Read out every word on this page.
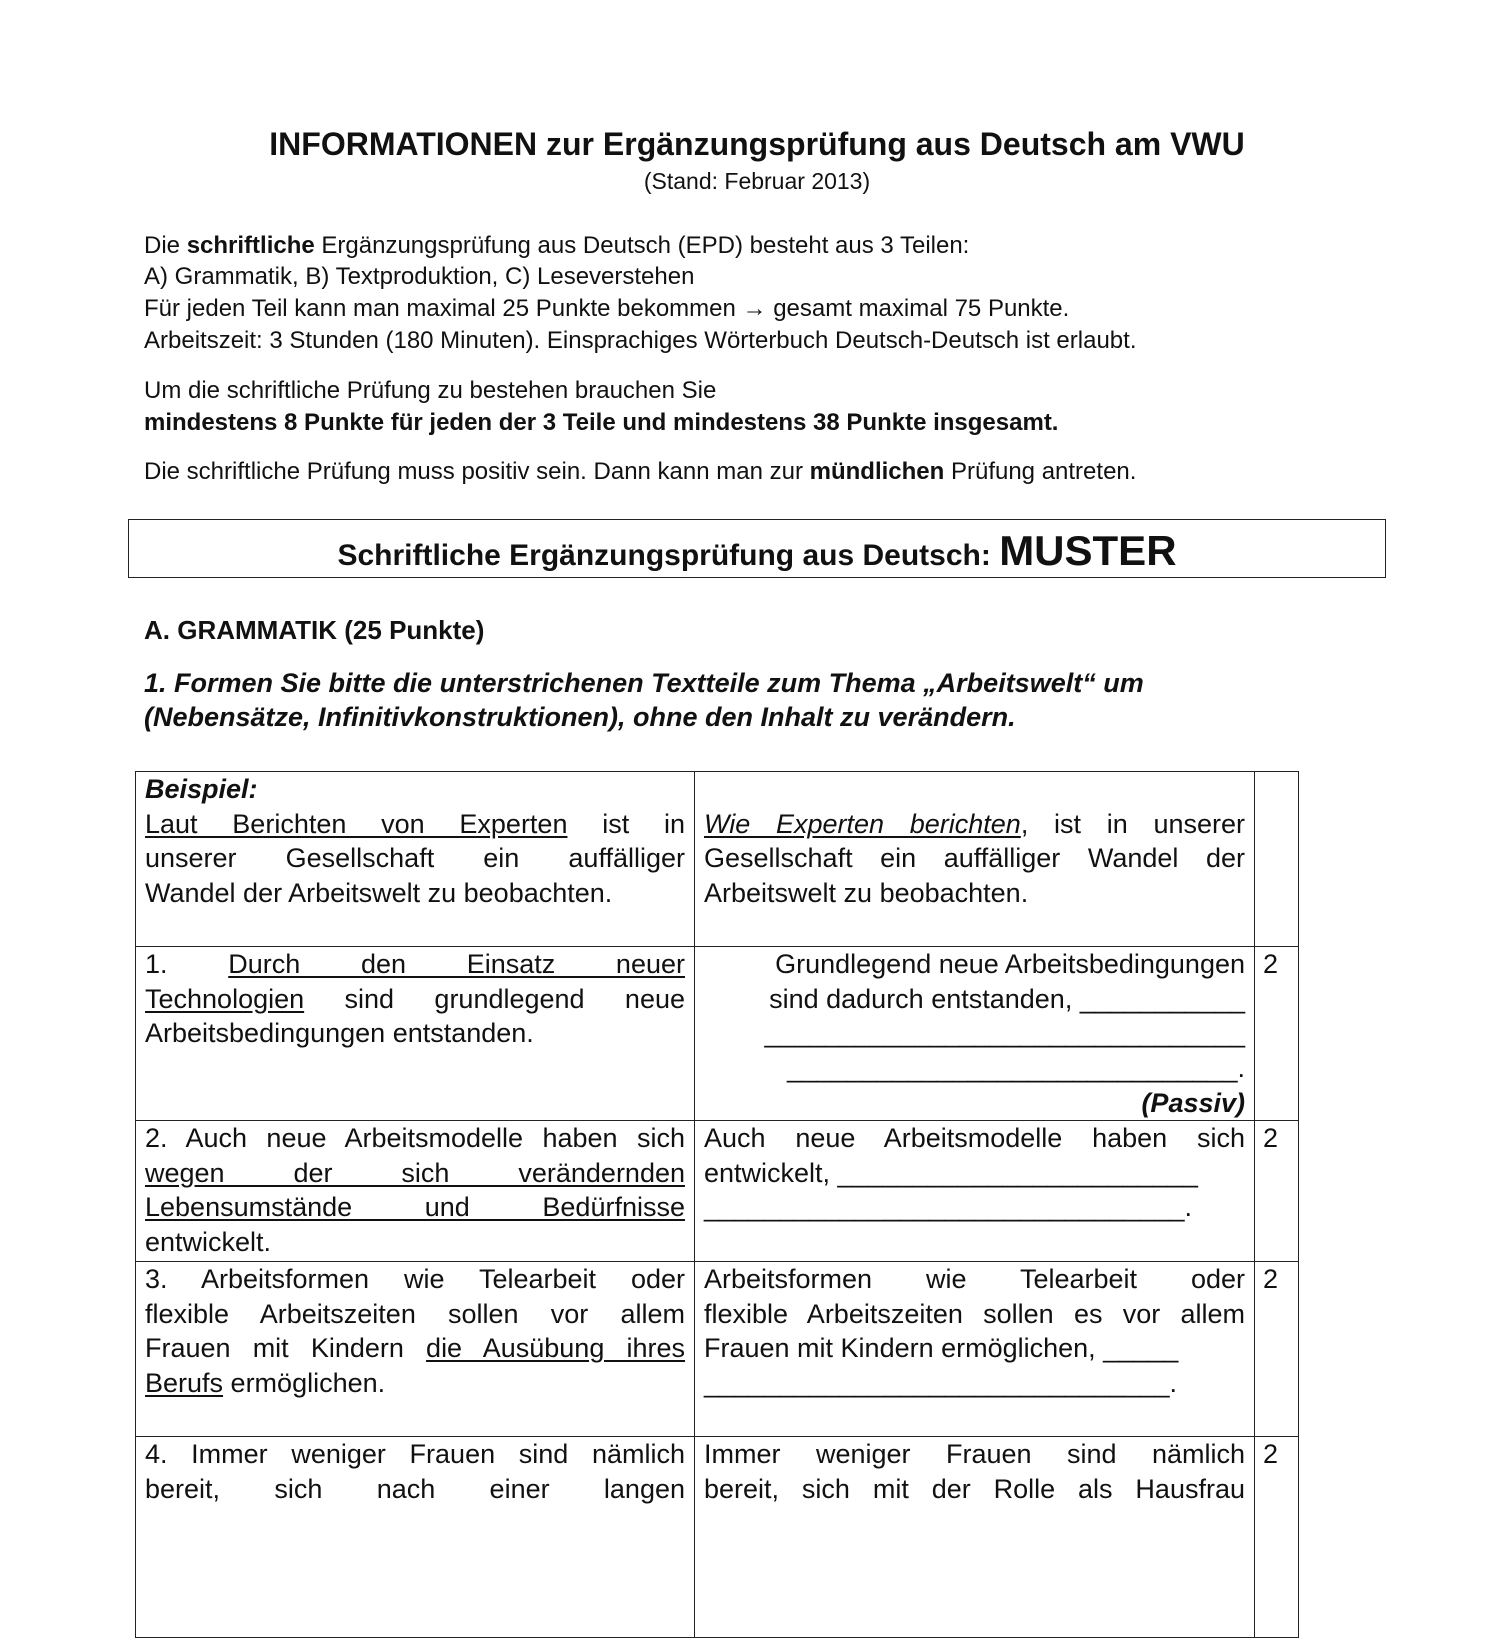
INFORMATIONEN zur Ergänzungsprüfung aus Deutsch am VWU
(Stand: Februar 2013)
Die schriftliche Ergänzungsprüfung aus Deutsch (EPD) besteht aus 3 Teilen:
A) Grammatik, B) Textproduktion, C) Leseverstehen
Für jeden Teil kann man maximal 25 Punkte bekommen → gesamt maximal 75 Punkte.
Arbeitszeit: 3 Stunden (180 Minuten). Einsprachiges Wörterbuch Deutsch-Deutsch ist erlaubt.
Um die schriftliche Prüfung zu bestehen brauchen Sie
mindestens 8 Punkte für jeden der 3 Teile und mindestens 38 Punkte insgesamt.
Die schriftliche Prüfung muss positiv sein. Dann kann man zur mündlichen Prüfung antreten.
Schriftliche Ergänzungsprüfung aus Deutsch: MUSTER
A. GRAMMATIK (25 Punkte)
1. Formen Sie bitte die unterstrichenen Textteile zum Thema „Arbeitswelt“ um
(Nebensätze, Infinitivkonstruktionen), ohne den Inhalt zu verändern.
Beispiel:
Laut Berichten von Experten ist in
unserer Gesellschaft ein auffälliger
Wandel der Arbeitswelt zu beobachten.
Wie Experten berichten, ist in unserer
Gesellschaft ein auffälliger Wandel der
Arbeitswelt zu beobachten.
1. Durch den Einsatz neuer
Technologien sind grundlegend neue
Arbeitsbedingungen entstanden.
Grundlegend neue Arbeitsbedingungen
sind dadurch entstanden, ___________
________________________________
______________________________.
(Passiv)
2
2. Auch neue Arbeitsmodelle haben sich
wegen der sich verändernden
Lebensumstände und Bedürfnisse
entwickelt.
Auch neue Arbeitsmodelle haben sich
entwickelt, ________________________
________________________________.
2
3. Arbeitsformen wie Telearbeit oder
flexible Arbeitszeiten sollen vor allem
Frauen mit Kindern die Ausübung ihres
Berufs ermöglichen.
Arbeitsformen wie Telearbeit oder
flexible Arbeitszeiten sollen es vor allem
Frauen mit Kindern ermöglichen, _____
_______________________________.
2
4. Immer weniger Frauen sind nämlich
bereit, sich nach einer langen
Immer weniger Frauen sind nämlich
bereit, sich mit der Rolle als Hausfrau
2
